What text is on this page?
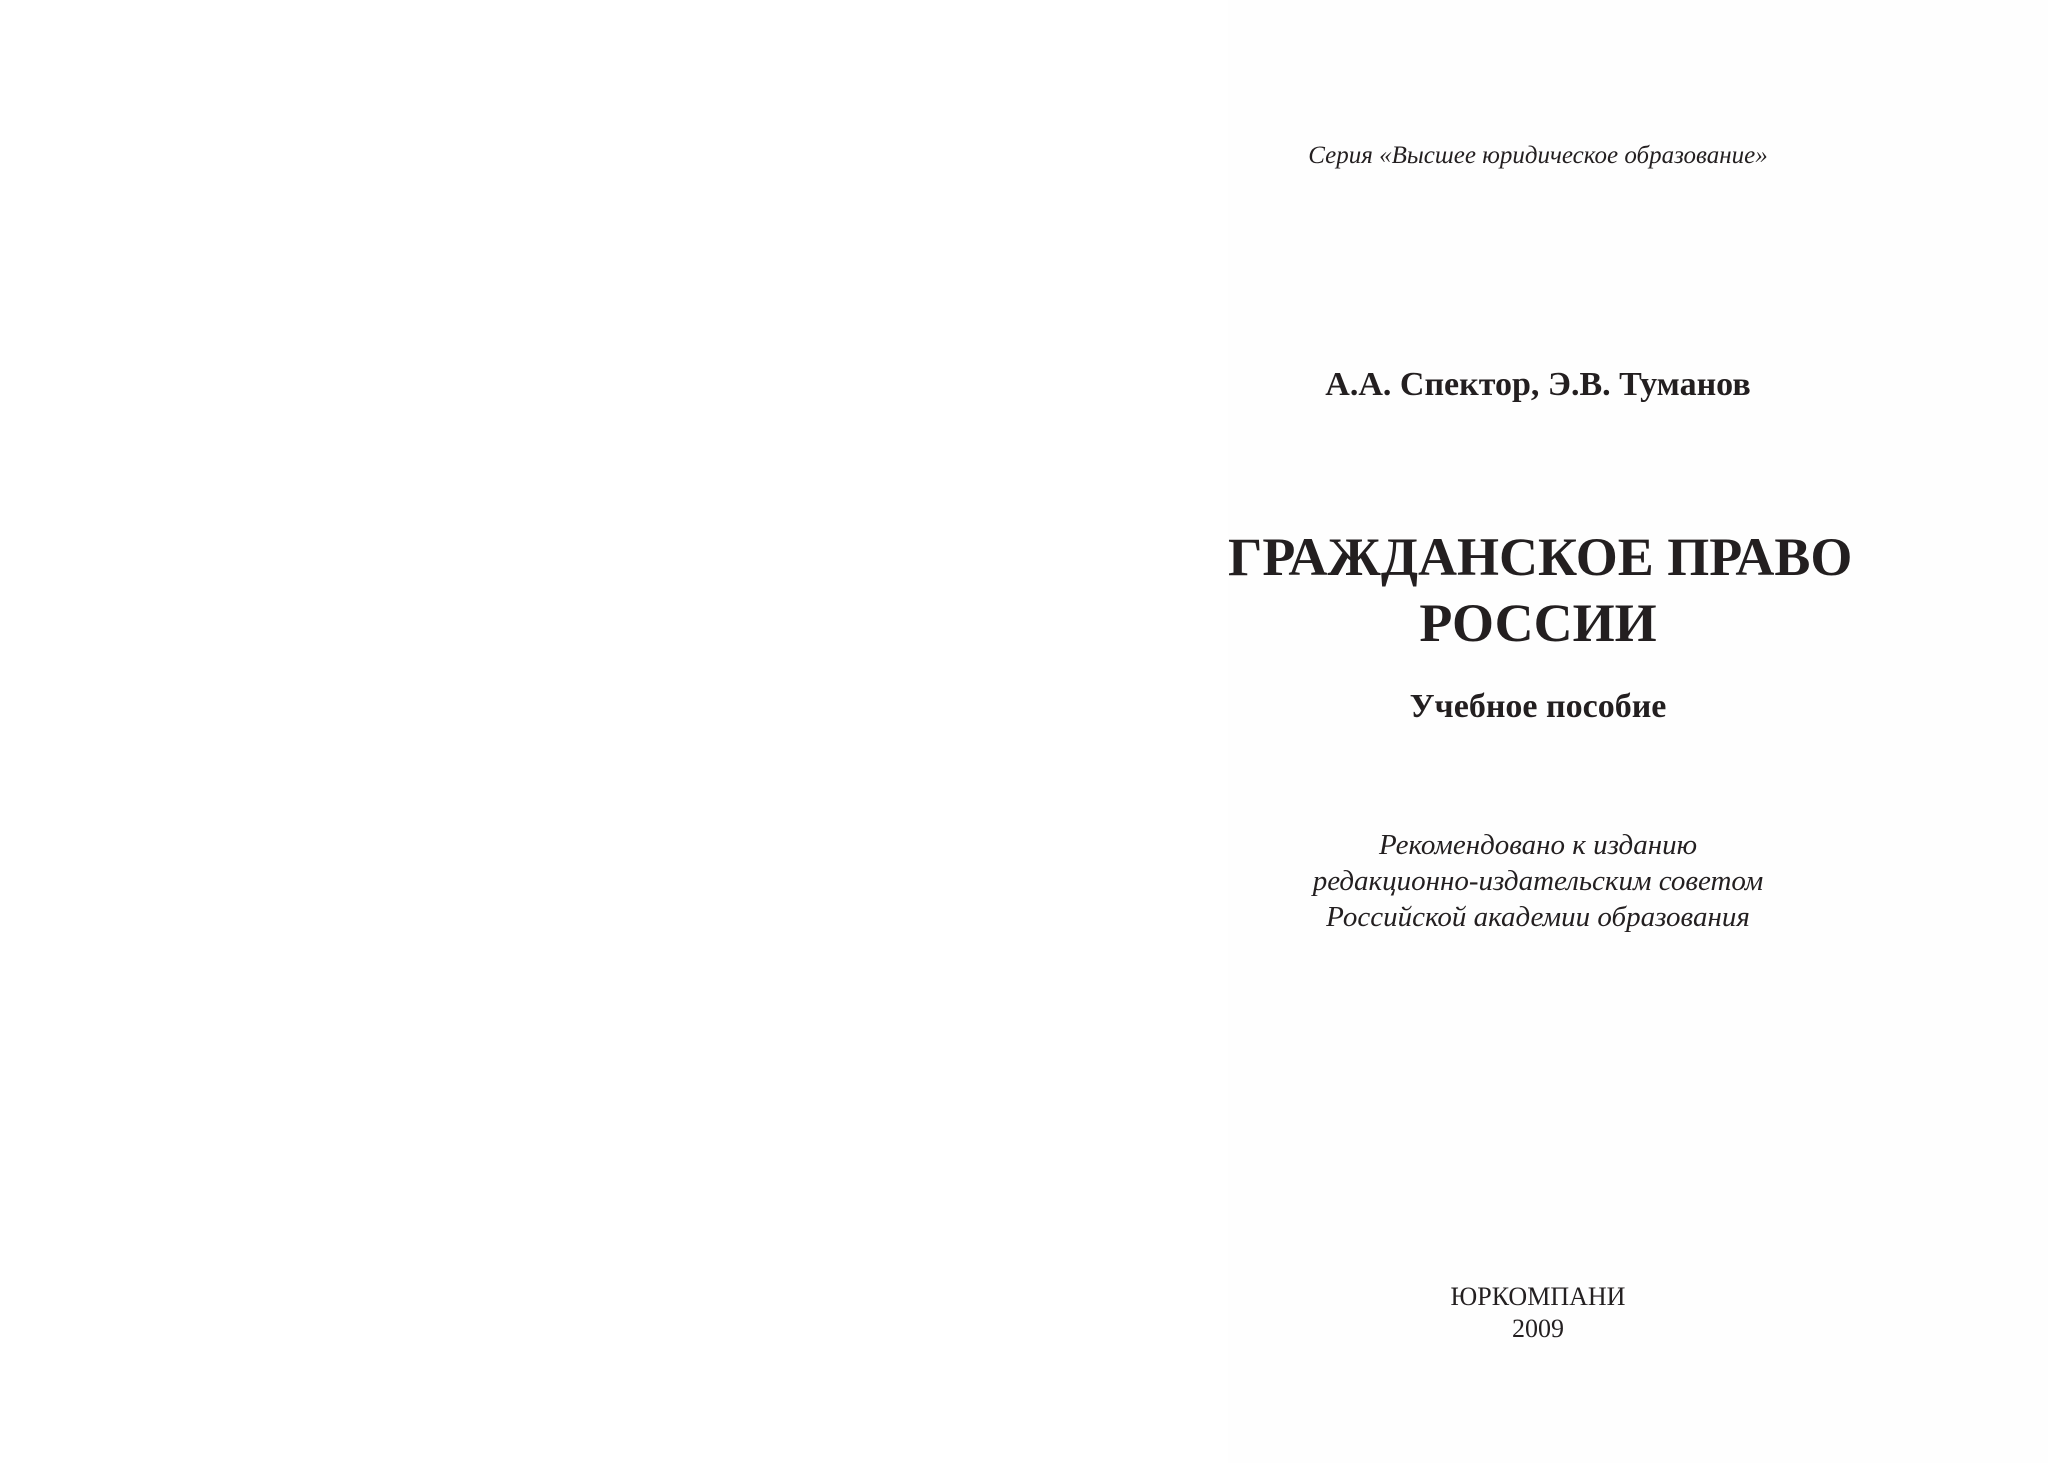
Серия «Высшее юридическое образование»

А.А. Спектор, Э.В. Туманов

ГРАЖДАНСКОЕ ПРАВО
РОССИИ

Учебное пособие

Рекомендовано к изданию
редакционно-издательским советом
Российской академии образования

ЮРКОМПАНИ

2009
